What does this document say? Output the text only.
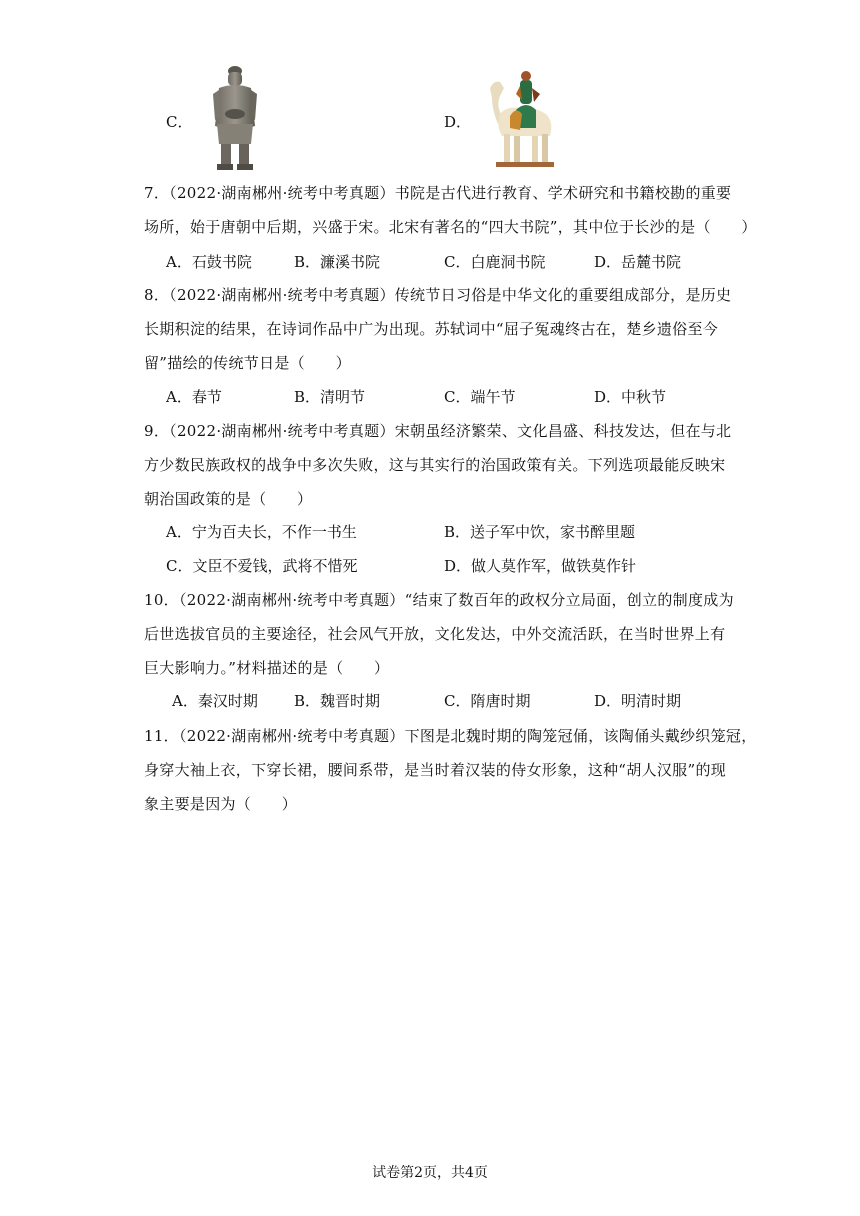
C．	D．
7．（2022·湖南郴州·统考中考真题）书院是古代进行教育、学术研究和书籍校勘的重要
场所，始于唐朝中后期，兴盛于宋。北宋有著名的“四大书院”，其中位于长沙的是（　　）
A．石鼓书院	B．濂溪书院	C．白鹿洞书院	D．岳麓书院
8．（2022·湖南郴州·统考中考真题）传统节日习俗是中华文化的重要组成部分，是历史
长期积淀的结果，在诗词作品中广为出现。苏轼词中“屈子冤魂终古在，楚乡遗俗至今
留”描绘的传统节日是（　　）
A．春节	B．清明节	C．端午节	D．中秋节
9．（2022·湖南郴州·统考中考真题）宋朝虽经济繁荣、文化昌盛、科技发达，但在与北
方少数民族政权的战争中多次失败，这与其实行的治国政策有关。下列选项最能反映宋
朝治国政策的是（　　）
A．宁为百夫长，不作一书生	B．送子军中饮，家书醉里题
C．文臣不爱钱，武将不惜死	D．做人莫作军，做铁莫作针
10．（2022·湖南郴州·统考中考真题）“结束了数百年的政权分立局面，创立的制度成为
后世选拔官员的主要途径，社会风气开放，文化发达，中外交流活跃，在当时世界上有
巨大影响力。”材料描述的是（　　）
A．秦汉时期 B．魏晋时期	C．隋唐时期	D．明清时期
11．（2022·湖南郴州·统考中考真题）下图是北魏时期的陶笼冠俑，该陶俑头戴纱织笼冠，
身穿大袖上衣，下穿长裙，腰间系带，是当时着汉装的侍女形象，这种“胡人汉服”的现
象主要是因为（　　）
试卷第2页，共4页
